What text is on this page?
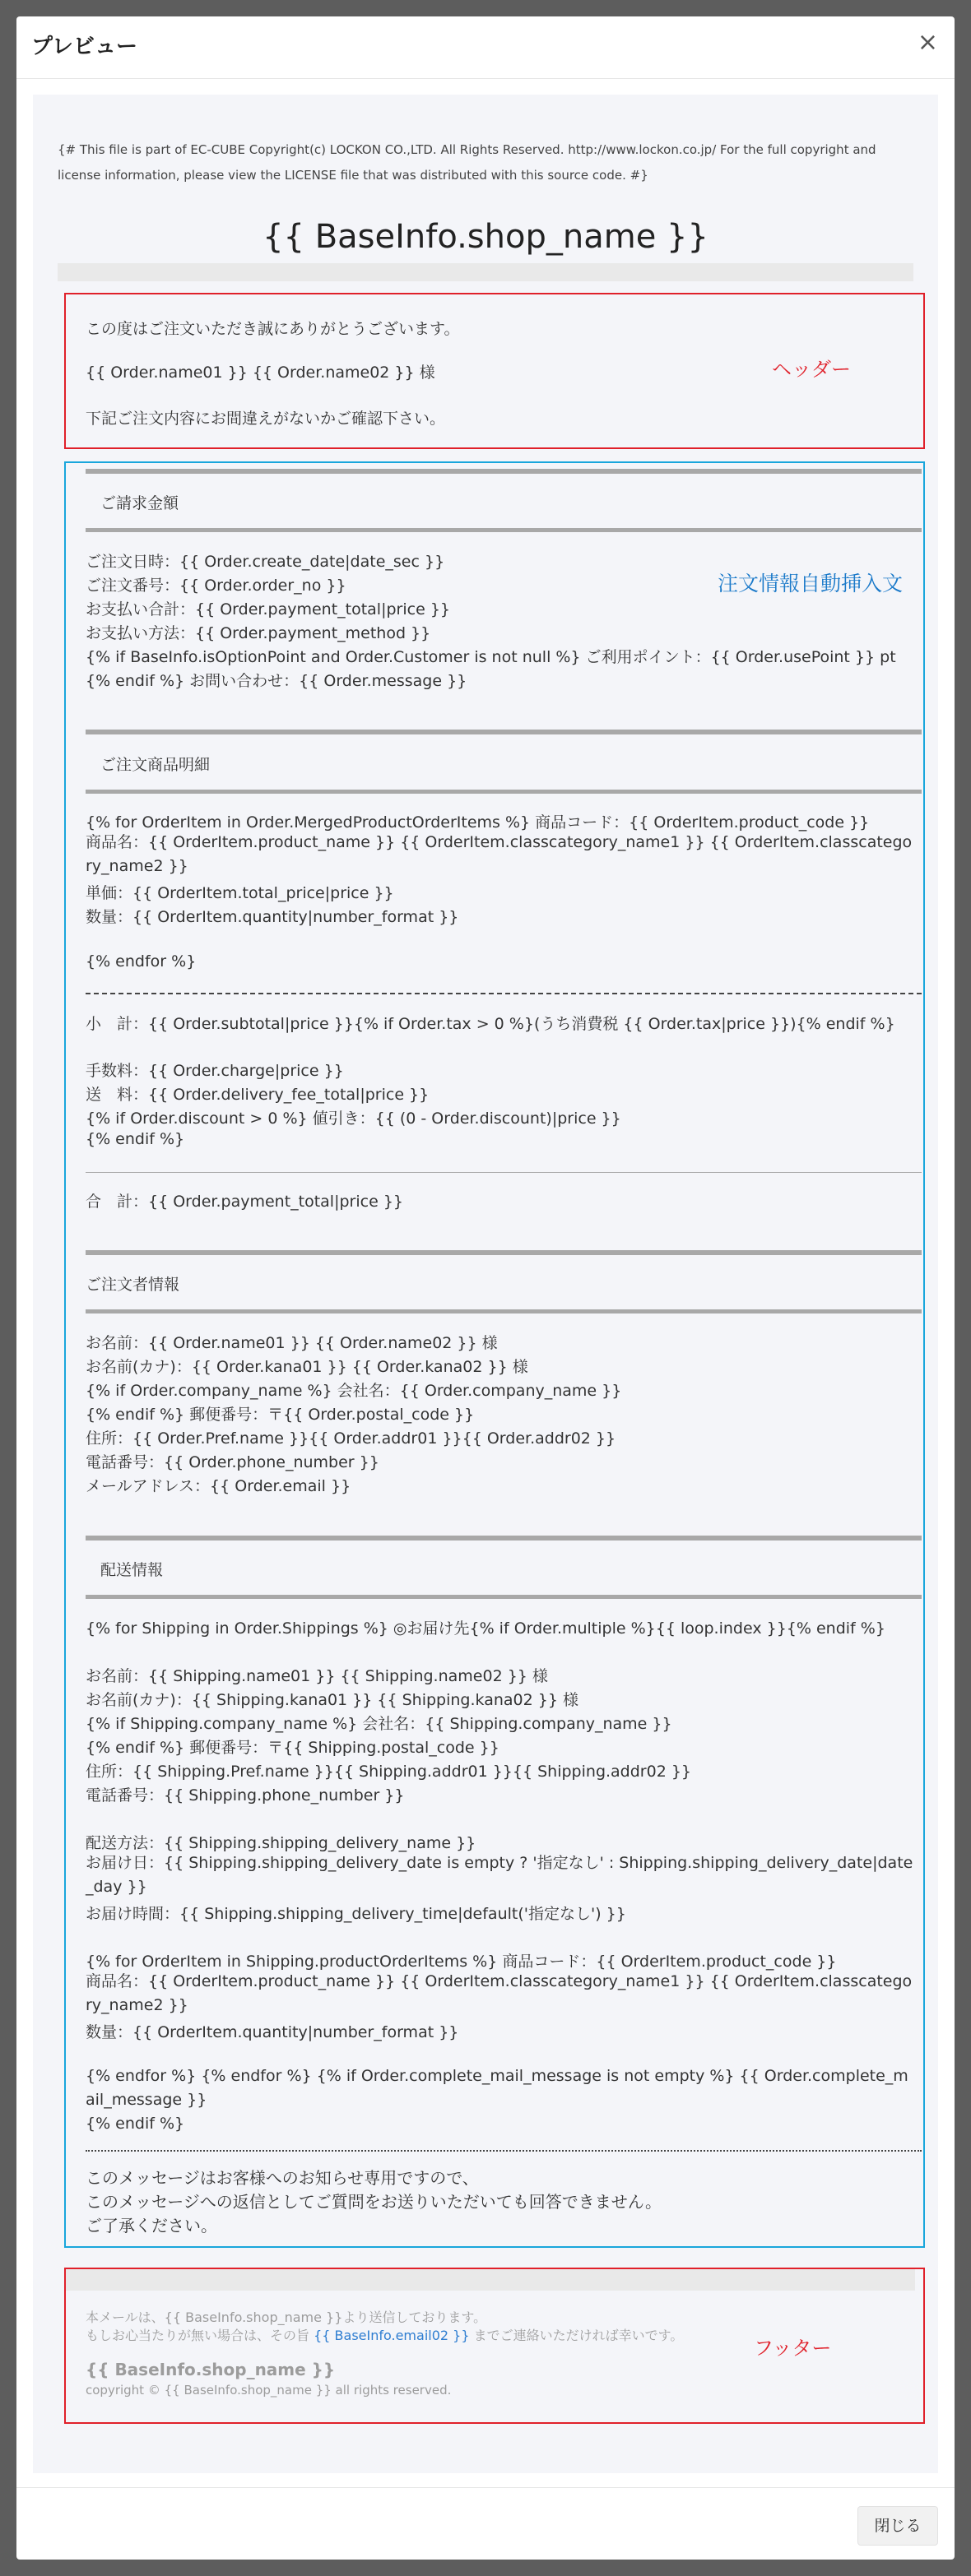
プレビュー	×
{# This file is part of EC-CUBE Copyright(c) LOCKON CO.,LTD. All Rights Reserved. http://www.lockon.co.jp/ For the full copyright and license information, please view the LICENSE file that was distributed with this source code. #}
{{ BaseInfo.shop_name }}
この度はご注文いただき誠にありがとうございます。
{{ Order.name01 }} {{ Order.name02 }} 様
下記ご注文内容にお間違えがないかご確認下さい。
ヘッダー
注文情報自動挿入文
ご請求金額
ご注文日時：{{ Order.create_date|date_sec }}
ご注文番号：{{ Order.order_no }}
お支払い合計：{{ Order.payment_total|price }}
お支払い方法：{{ Order.payment_method }}
{% if BaseInfo.isOptionPoint and Order.Customer is not null %} ご利用ポイント：{{ Order.usePoint }} pt
{% endif %} お問い合わせ：{{ Order.message }}
ご注文商品明細
{% for OrderItem in Order.MergedProductOrderItems %} 商品コード：{{ OrderItem.product_code }}
商品名：{{ OrderItem.product_name }} {{ OrderItem.classcategory_name1 }} {{ OrderItem.classcategory_name2 }}
単価：{{ OrderItem.total_price|price }}
数量：{{ OrderItem.quantity|number_format }}
{% endfor %}
小　計：{{ Order.subtotal|price }}{% if Order.tax > 0 %}(うち消費税 {{ Order.tax|price }}){% endif %}
手数料：{{ Order.charge|price }}
送　料：{{ Order.delivery_fee_total|price }}
{% if Order.discount > 0 %} 値引き：{{ (0 - Order.discount)|price }}
{% endif %}
合　計：{{ Order.payment_total|price }}
ご注文者情報
お名前：{{ Order.name01 }} {{ Order.name02 }} 様
お名前(カナ)：{{ Order.kana01 }} {{ Order.kana02 }} 様
{% if Order.company_name %} 会社名：{{ Order.company_name }}
{% endif %} 郵便番号：〒{{ Order.postal_code }}
住所：{{ Order.Pref.name }}{{ Order.addr01 }}{{ Order.addr02 }}
電話番号：{{ Order.phone_number }}
メールアドレス：{{ Order.email }}
配送情報
{% for Shipping in Order.Shippings %} ◎お届け先{% if Order.multiple %}{{ loop.index }}{% endif %}
お名前：{{ Shipping.name01 }} {{ Shipping.name02 }} 様
お名前(カナ)：{{ Shipping.kana01 }} {{ Shipping.kana02 }} 様
{% if Shipping.company_name %} 会社名：{{ Shipping.company_name }}
{% endif %} 郵便番号：〒{{ Shipping.postal_code }}
住所：{{ Shipping.Pref.name }}{{ Shipping.addr01 }}{{ Shipping.addr02 }}
電話番号：{{ Shipping.phone_number }}
配送方法：{{ Shipping.shipping_delivery_name }}
お届け日：{{ Shipping.shipping_delivery_date is empty ? '指定なし' : Shipping.shipping_delivery_date|date_day }}
お届け時間：{{ Shipping.shipping_delivery_time|default('指定なし') }}
{% for OrderItem in Shipping.productOrderItems %} 商品コード：{{ OrderItem.product_code }}
商品名：{{ OrderItem.product_name }} {{ OrderItem.classcategory_name1 }} {{ OrderItem.classcategory_name2 }}
数量：{{ OrderItem.quantity|number_format }}
{% endfor %} {% endfor %} {% if Order.complete_mail_message is not empty %} {{ Order.complete_mail_message }}
{% endif %}
このメッセージはお客様へのお知らせ専用ですので、
このメッセージへの返信としてご質問をお送りいただいても回答できません。
ご了承ください。
本メールは、{{ BaseInfo.shop_name }}より送信しております。
もしお心当たりが無い場合は、その旨 {{ BaseInfo.email02 }} までご連絡いただければ幸いです。
{{ BaseInfo.shop_name }}
copyright © {{ BaseInfo.shop_name }} all rights reserved.
フッター
閉じる
